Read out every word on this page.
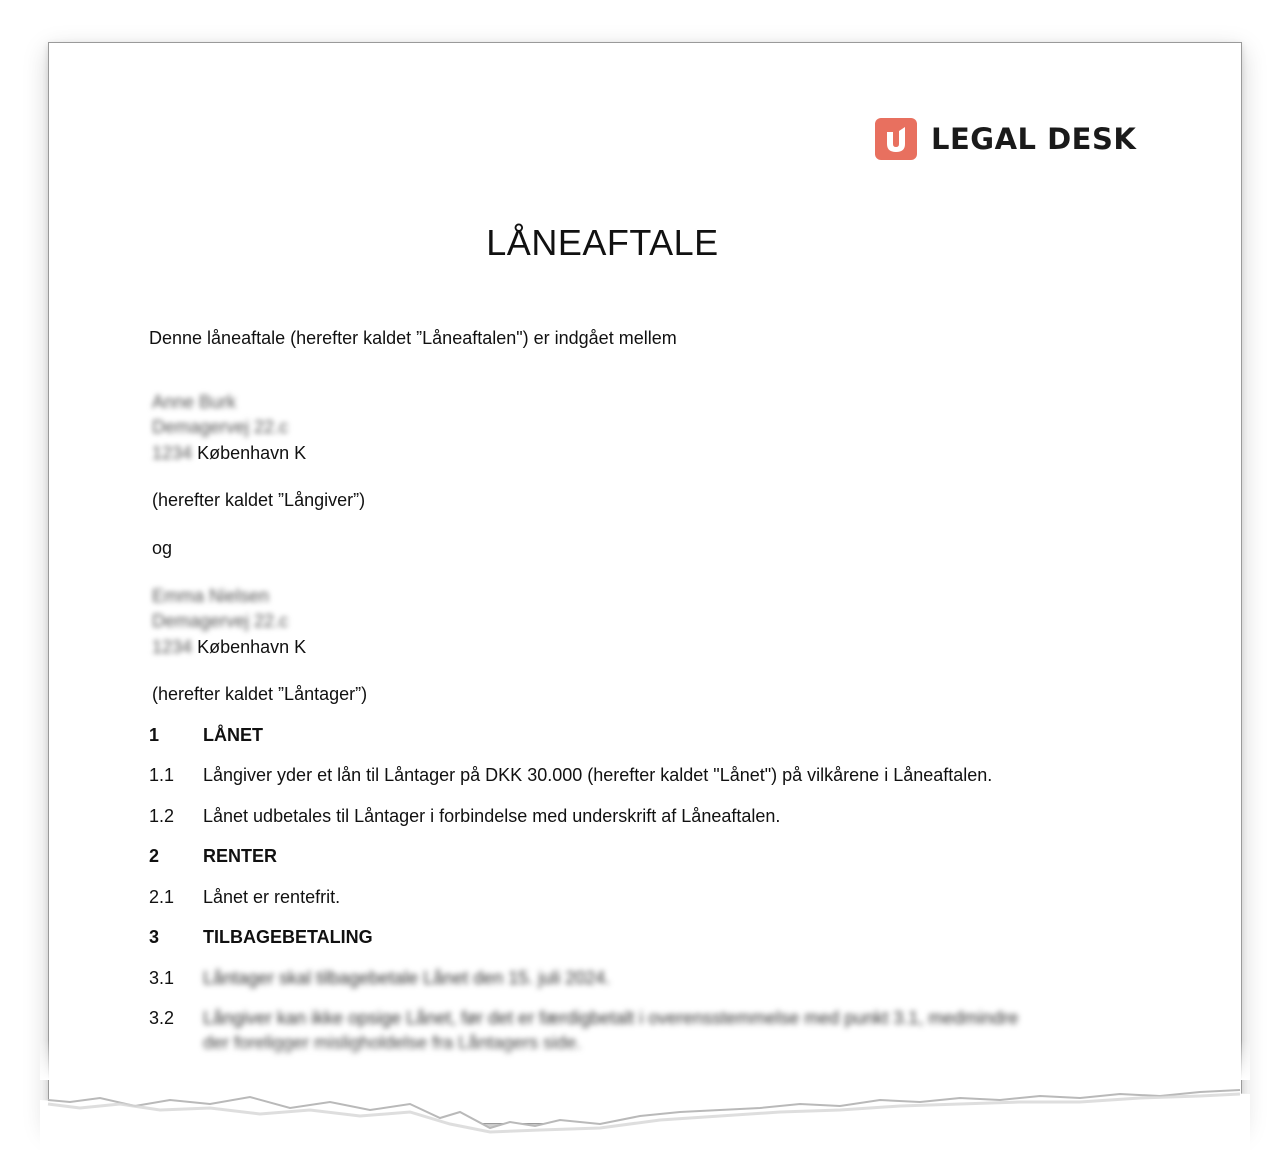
LEGAL DESK
LÅNEAFTALE
Denne låneaftale (herefter kaldet ”Låneaftalen") er indgået mellem
Anne Burk
Demagervej 22.c
1234 København K
(herefter kaldet ”Långiver”)
og
Emma Nielsen
Demagervej 22.c
1234 København K
(herefter kaldet ”Låntager”)
1 LÅNET
1.1 Långiver yder et lån til Låntager på DKK 30.000 (herefter kaldet "Lånet") på vilkårene i Låneaftalen.
1.2 Lånet udbetales til Låntager i forbindelse med underskrift af Låneaftalen.
2 RENTER
2.1 Lånet er rentefrit.
3 TILBAGEBETALING
3.1 Låntager skal tilbagebetale Lånet den 15. juli 2024.
3.2 Långiver kan ikke opsige Lånet, før det er færdigbetalt i overensstemmelse med punkt 3.1, medmindre
